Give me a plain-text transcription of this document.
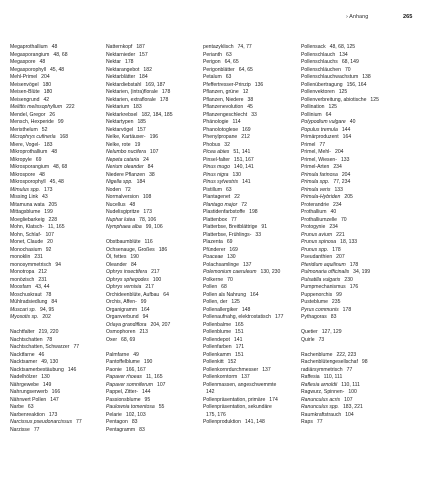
› Anhang	265
Megaprothallium 48
Megasporangium 48, 68
Megaspore 48
Megasporophyll 45, 48
Mehl-Primel 204
Meisenvögel 180
Meisen-Blüte 180
Meisengrund 42
Melittis melissophyllum 222
Mendel, Gregor 26
Mensch, Hexperide 99
Meristhelum 52
Microphrys cufinerla 168
Miere, Vogel- 183
Mikroprothallium 48
Mikropyle 69
Mikrosporangium 48, 68
Mikrospore 48
Mikrosporophyll 45, 48
Mimulus spp. 173
Missing Link 43
Mitamuna wata 205
Mittagsblume 199
Moegliebarkeig 228
Mohn, Klatsch- 11, 165
Mohn, Schlaf- 107
Monet, Claude 20
Monochasium 92
monoklin 231
monosymmetrisch 94
Monotropa 212
monözisch 231
Moosfarn 43, 44
Moschuskraut 78
Mühlradsiedlung 84
Muscari sp. 94, 95
Myosotis sp. 202
Nachtfalter 219, 220
Nachtschatten 78
Nachtschatten, Schwarzer 77
Nacktfarne 46
Nacktsamer 49, 130
Nacktsamerbestäubung 146
Nadelhölzer 130
Nährgewebe 149
Nahrungserwerb 166
Nährwert Pollen 147
Narbe 63
Narbenreaktion 173
Narcissus pseudonarcissus 77
Narzisse 77
Natternkopf 187
Nektarnieder 157
Nektar 178
Nektarangebot 182
Nektarblätter 184
Nektardiebstahl 169, 187
Nektarien, (intra)florale 178
Nektarien, extraflorale 178
Nektarium 183
Nektarkrebsel 182, 184, 185
Nektartypen 185
Nektarvögel 157
Nelke, Kartäuser- 196
Nelke, rote 19
Nelumbo nucifera 107
Nepeta cataria 24
Nerium oleander 84
Niedere Pflanzen 38
Nigella spp. 184
Noden 72
Normalversion 108
Nucellus 48
Nudelisgipritze 173
Nuphar lutea 78, 106
Nymphaea alba 99, 106
Obstbaumblüte 116
Ochsenauge, Großes 186
Öl, fettes 190
Oleander 84
Ophrys insectifera 217
Ophrys sphegodes 100
Ophrys vernixia 217
Orchideenblüte, Aufbau 64
Orchis, Affen- 99
Organigramm 164
Organverbund 94
Orlaya grandiflora 204, 207
Osmophoren 213
Oxer 68, 69
Palmfarne 49
Pantoffelblume 190
Paonie 166, 167
Papaver rhoeas 11, 165
Papaver somniferum 107
Pappel, Zitter- 144
Passionsblume 95
Paulownia tomentosa 55
Pelarie 102, 103
Pentagon 83
Pentagramm 83
pentazyklisch 74, 77
Perianth 63
Perigon 64, 65
Perigonblätter 64, 65
Petalum 63
Pfeffertresser-Prinzip 136
Pflanzen, grüne 12
Pflanzen, Niedere 38
Pflanzenevolution 45
Pflanzengeschlecht 33
Phänologie 114
Phanolotoglese 169
Phenylpropane 212
Phobus 32
Picea abies 51, 141
Pinsel-falter 151, 167
Pinus mugo 140, 141
Pinus nigra 130
Pinus sylvestris 141
Pistillum 63
Plantagenet 22
Plantago major 72
Plastidenfarbstoffe 198
Plattenbox 77
Platterbse, Breitblättrige 91
Platterbse, Frühlings- 33
Plazenta 69
Pfünderer 169
Poaceae 130
Polachsamlinge 137
Polemonium caeruleum 130, 230
Polkerne 70
Pollen 68
Pollen als Nahrung 164
Pollen, der 125
Pollenallergiker 148
Pollenaufnahg, elektrostatisch 177
Pollenbalme 165
Pollenblume 151
Pollendepot 141
Pollenfarben 171
Pollenkamm 151
Pollenkitt 152
Pollenkornrdurchmesser 137
Pollenkorntorm 137
Pollenmassen, angeschwemmte
142
Pollenpräsentation, primäre 174
Pollenpräsentation, sekundäre
175, 176
Pollenproduktion 141, 148
Pollensack 48, 68, 125
Pollenschlauch 134
Pollenschlauchs 68, 149
Pollenschläuchen 70
Pollenschlauchwachstum 138
Pollenübertragung 156, 164
Pollenvektoren 125
Pollenverbreitung, abiotische 125
Pollination 125
Pollinium 64
Polypodium vulgare 40
Populus tremula 144
Primärproduzent 164
Primel 77
Primel, Mehl- 204
Primel, Wiesen- 133
Primel-Arten 234
Primula farinosa 204
Primula spp. 77, 234
Primula veris 133
Primula-Hybriden 205
Proterandrie 234
Prothallium 40
Prothalliumzelle 70
Protogynie 234
Prunus avium 221
Prunus spinosa 18, 133
Prunus spp. 178
Pseudanthien 207
Pteridium aquilinum 178
Pulmonaria officinalis 34, 199
Pulsatilla vulgaris 230
Pumpmechanismus 176
Puppenorchis 99
Pusteblume 235
Pyrus communis 178
Pythagoras 83
Quetier 127, 129
Quirle 73
Rachenblume 222, 223
Rachenblütengesellschaf 98
radiärsymmetrisch 77
Raffesia 110, 111
Raflesia arnoldii 110, 111
Ragwurz, Spinnen- 100
Ranunculus acris 107
Ranunculus spp. 183, 221
Raumkraftstrauch 104
Raps 77
